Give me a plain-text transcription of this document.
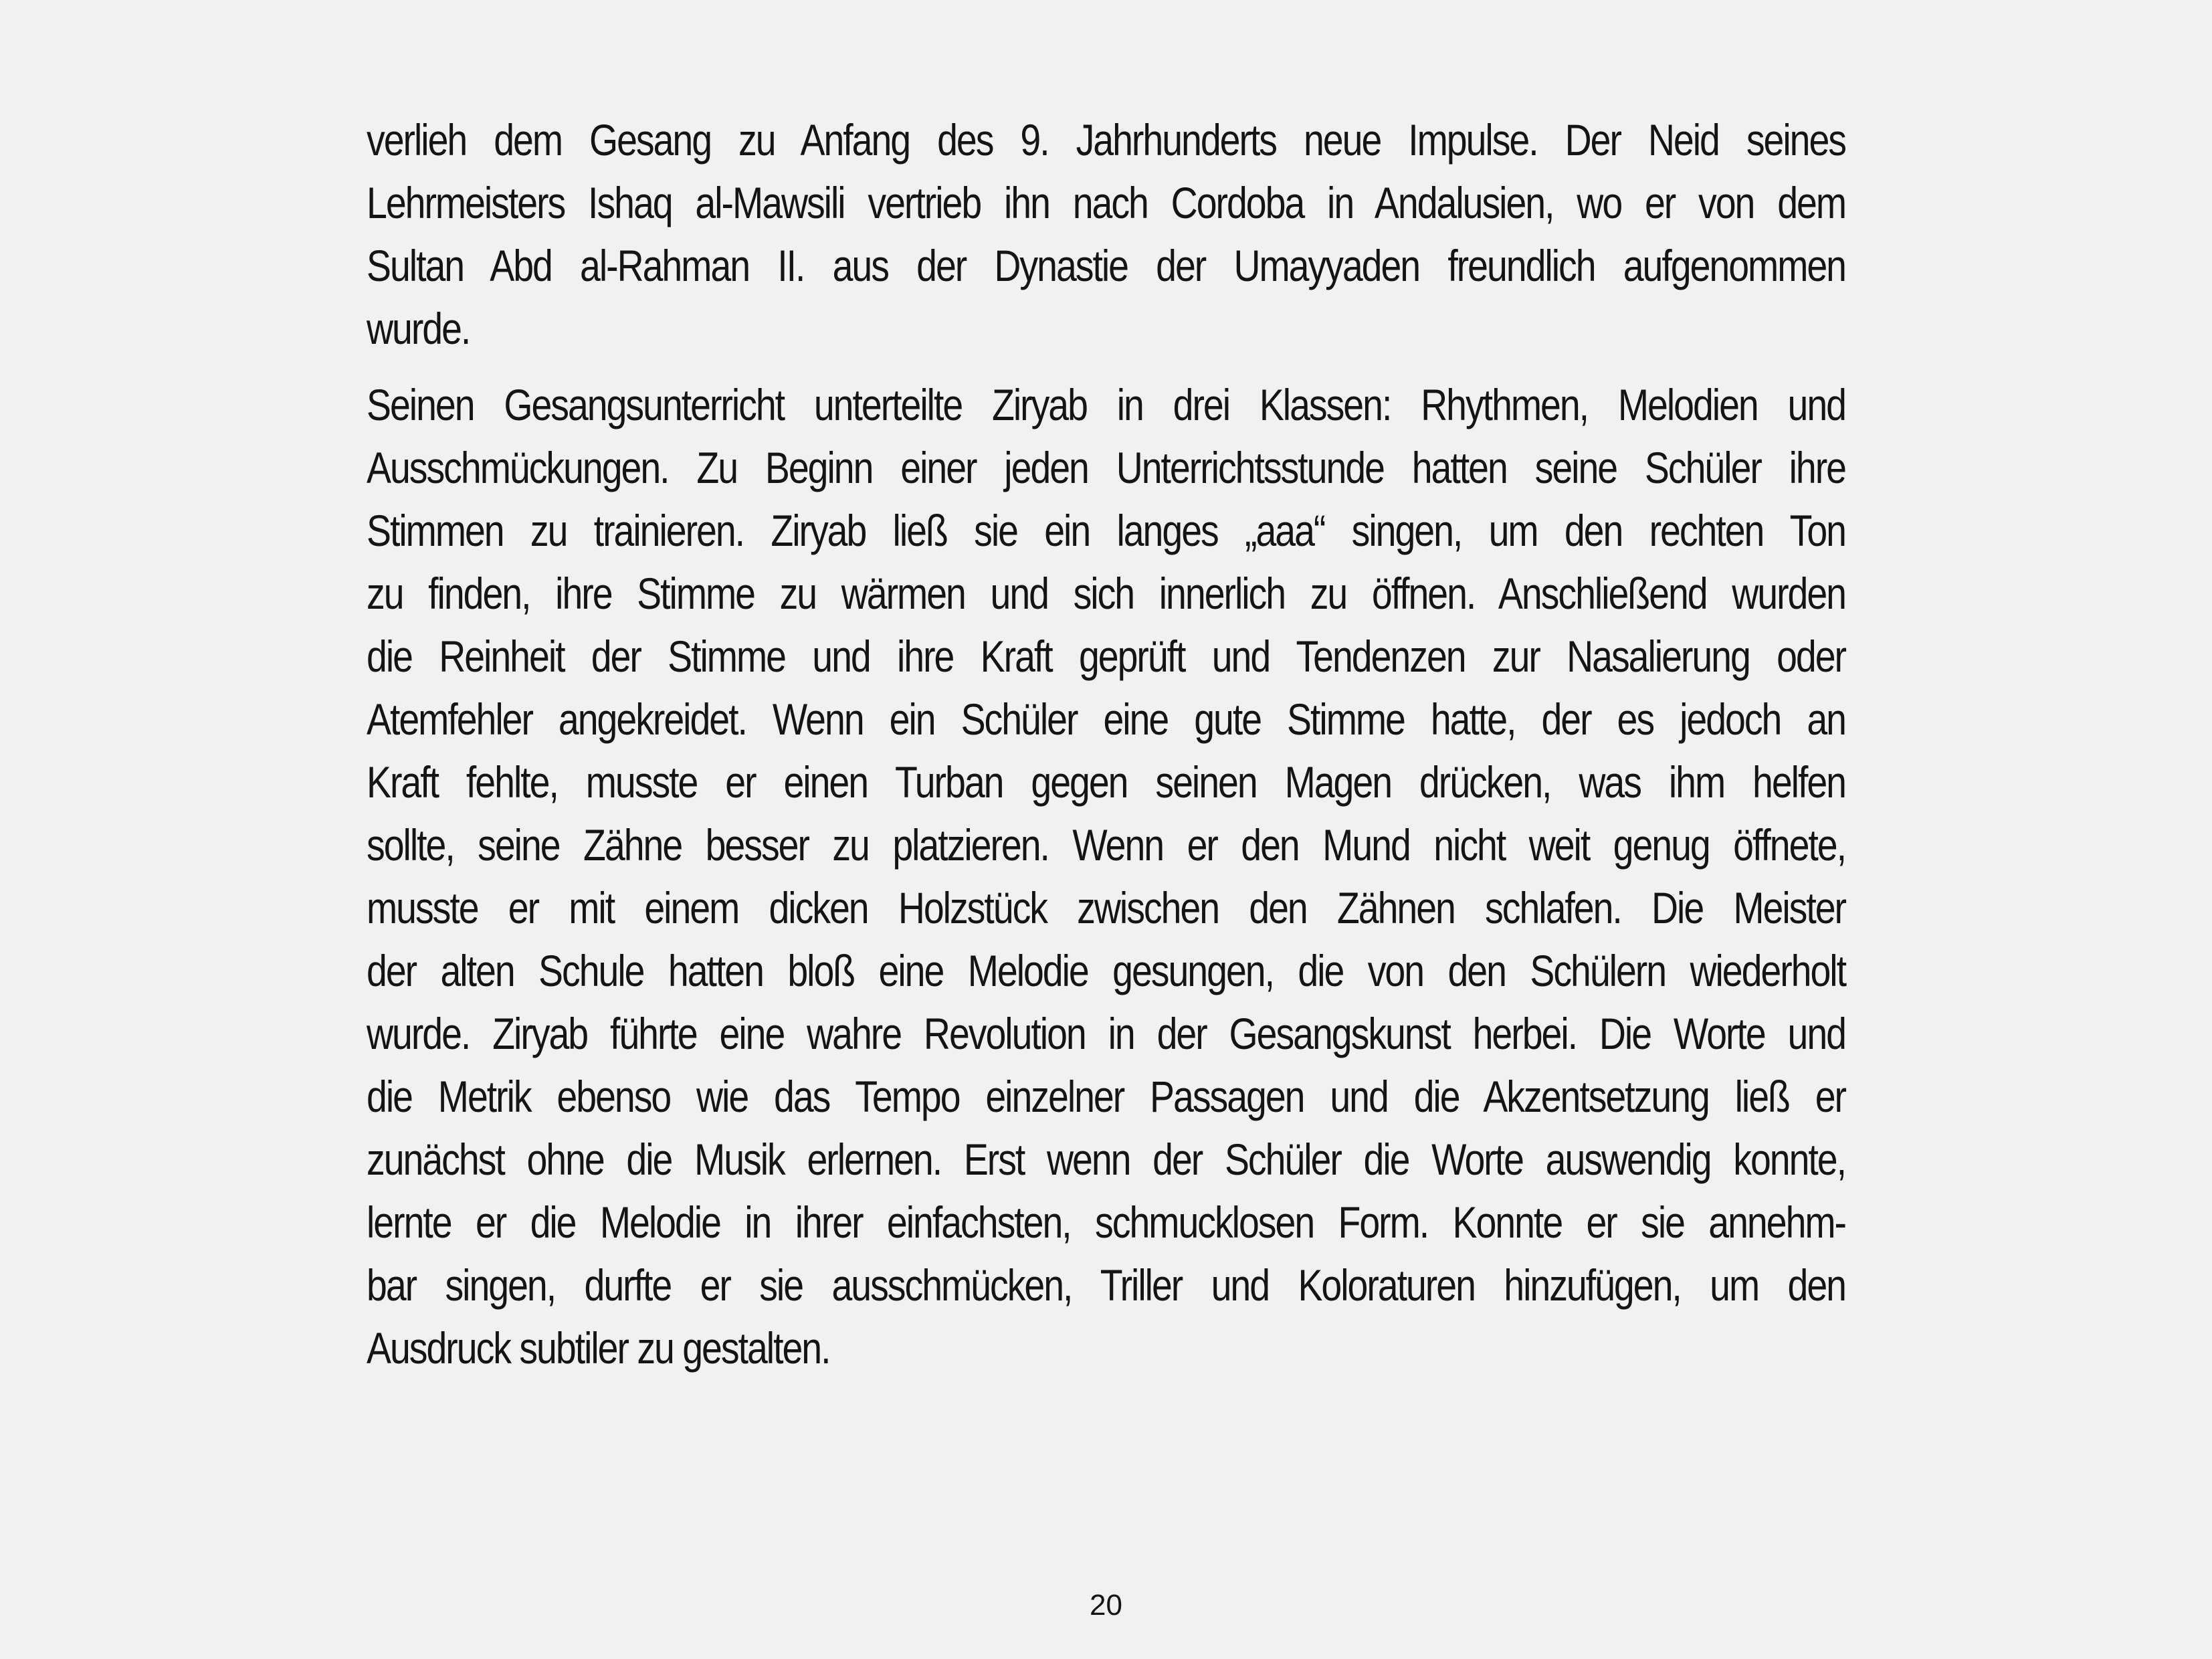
verlieh dem Gesang zu Anfang des 9. Jahrhunderts neue Impulse. Der Neid seines
Lehrmeisters Ishaq al-Mawsili vertrieb ihn nach Cordoba in Andalusien, wo er von dem
Sultan Abd al-Rahman II. aus der Dynastie der Umayyaden freundlich aufgenommen
wurde.
Seinen Gesangsunterricht unterteilte Ziryab in drei Klassen: Rhythmen, Melodien und
Ausschmückungen. Zu Beginn einer jeden Unterrichtsstunde hatten seine Schüler ihre
Stimmen zu trainieren. Ziryab ließ sie ein langes „aaa“ singen, um den rechten Ton
zu finden, ihre Stimme zu wärmen und sich innerlich zu öffnen. Anschließend wurden
die Reinheit der Stimme und ihre Kraft geprüft und Tendenzen zur Nasalierung oder
Atemfehler angekreidet. Wenn ein Schüler eine gute Stimme hatte, der es jedoch an
Kraft fehlte, musste er einen Turban gegen seinen Magen drücken, was ihm helfen
sollte, seine Zähne besser zu platzieren. Wenn er den Mund nicht weit genug öffnete,
musste er mit einem dicken Holzstück zwischen den Zähnen schlafen. Die Meister
der alten Schule hatten bloß eine Melodie gesungen, die von den Schülern wiederholt
wurde. Ziryab führte eine wahre Revolution in der Gesangskunst herbei. Die Worte und
die Metrik ebenso wie das Tempo einzelner Passagen und die Akzentsetzung ließ er
zunächst ohne die Musik erlernen. Erst wenn der Schüler die Worte auswendig konnte,
lernte er die Melodie in ihrer einfachsten, schmucklosen Form. Konnte er sie annehm-
bar singen, durfte er sie ausschmücken, Triller und Koloraturen hinzufügen, um den
Ausdruck subtiler zu gestalten.
20
